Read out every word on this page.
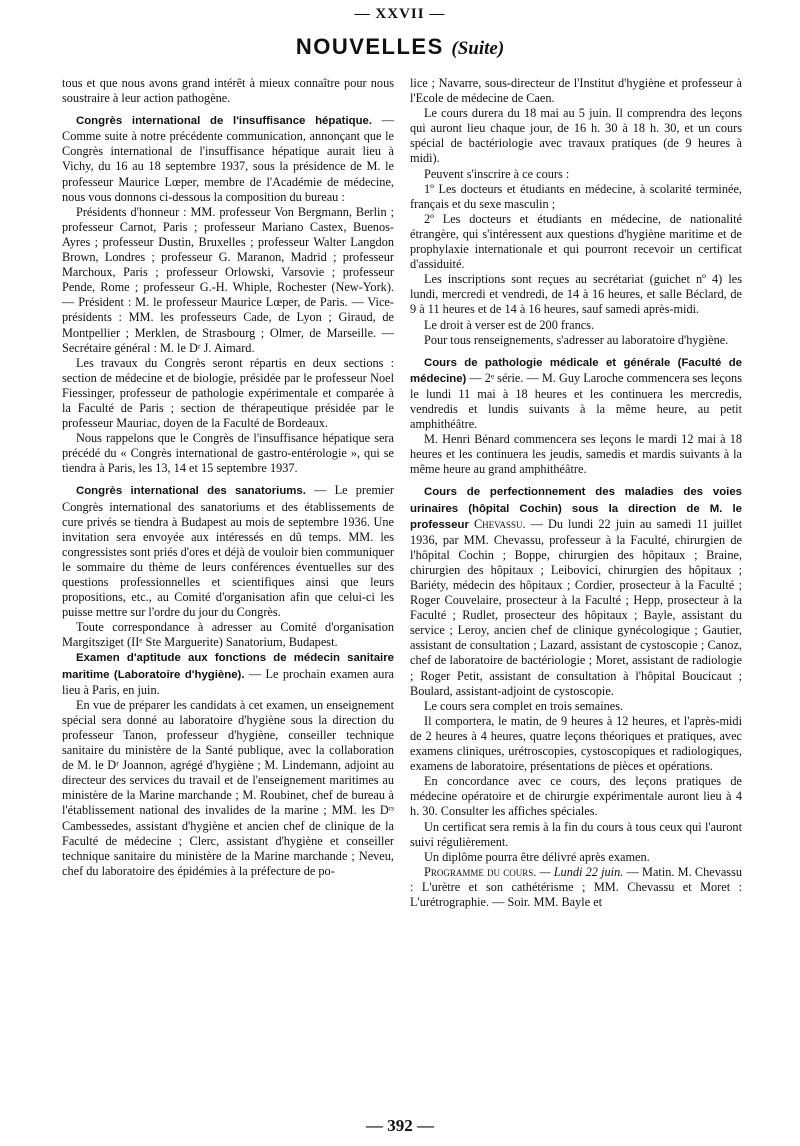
— XXVII —
NOUVELLES (Suite)

tous et que nous avons grand intérêt à mieux connaître pour nous soustraire à leur action pathogène.

Congrès international de l'insuffisance hépatique. — Comme suite à notre précédente communication, annonçant que le Congrès international de l'insuffisance hépatique aurait lieu à Vichy, du 16 au 18 septembre 1937, sous la présidence de M. le professeur Maurice Lœper, membre de l'Académie de médecine, nous vous donnons ci-dessous la composition du bureau :

Présidents d'honneur : MM. professeur Von Bergmann, Berlin ; professeur Carnot, Paris ; professeur Mariano Castex, Buenos-Ayres ; professeur Dustin, Bruxelles ; professeur Walter Langdon Brown, Londres ; professeur G. Maranon, Madrid ; professeur Marchoux, Paris ; professeur Orlowski, Varsovie ; professeur Pende, Rome ; professeur G.-H. Whiple, Rochester (New-York). — Président : M. le professeur Maurice Lœper, de Paris. — Vice-présidents : MM. les professeurs Cade, de Lyon ; Giraud, de Montpellier ; Merklen, de Strasbourg ; Olmer, de Marseille. — Secrétaire général : M. le Dʳ J. Aimard.

Les travaux du Congrès seront répartis en deux sections : section de médecine et de biologie, présidée par le professeur Noel Fiessinger, professeur de pathologie expérimentale et comparée à la Faculté de Paris ; section de thérapeutique présidée par le professeur Mauriac, doyen de la Faculté de Bordeaux.

Nous rappelons que le Congrès de l'insuffisance hépatique sera précédé du « Congrès international de gastro-entérologie », qui se tiendra à Paris, les 13, 14 et 15 septembre 1937.

Congrès international des sanatoriums. — Le premier Congrès international des sanatoriums et des établissements de cure privés se tiendra à Budapest au mois de septembre 1936. Une invitation sera envoyée aux intéressés en dû temps. MM. les congressistes sont priés d'ores et déjà de vouloir bien communiquer le sommaire du thème de leurs conférences éventuelles sur des questions professionnelles et scientifiques ainsi que leurs propositions, etc., au Comité d'organisation afin que celui-ci les puisse mettre sur l'ordre du jour du Congrès.

Toute correspondance à adresser au Comité d'organisation Margitsziget (IIᵉ Ste Marguerite) Sanatorium, Budapest.

Examen d'aptitude aux fonctions de médecin sanitaire maritime (Laboratoire d'hygiène). — Le prochain examen aura lieu à Paris, en juin.

En vue de préparer les candidats à cet examen, un enseignement spécial sera donné au laboratoire d'hygiène sous la direction du professeur Tanon, professeur d'hygiène, conseiller technique sanitaire du ministère de la Santé publique, avec la collaboration de M. le Dʳ Joannon, agrégé d'hygiène ; M. Lindemann, adjoint au directeur des services du travail et de l'enseignement maritimes au ministère de la Marine marchande ; M. Roubinet, chef de bureau à l'établissement national des invalides de la marine ; MM. les Dʳˢ Cambessedes, assistant d'hygiène et ancien chef de clinique de la Faculté de médecine ; Clerc, assistant d'hygiène et conseiller technique sanitaire du ministère de la Marine marchande ; Neveu, chef du laboratoire des épidémies à la préfecture de po-

lice ; Navarre, sous-directeur de l'Institut d'hygiène et professeur à l'Ecole de médecine de Caen.

Le cours durera du 18 mai au 5 juin. Il comprendra des leçons qui auront lieu chaque jour, de 16 h. 30 à 18 h. 30, et un cours spécial de bactériologie avec travaux pratiques (de 9 heures à midi).

Peuvent s'inscrire à ce cours :

1º Les docteurs et étudiants en médecine, à scolarité terminée, français et du sexe masculin ;

2º Les docteurs et étudiants en médecine, de nationalité étrangère, qui s'intéressent aux questions d'hygiène maritime et de prophylaxie internationale et qui pourront recevoir un certificat d'assiduité.

Les inscriptions sont reçues au secrétariat (guichet nº 4) les lundi, mercredi et vendredi, de 14 à 16 heures, et salle Béclard, de 9 à 11 heures et de 14 à 16 heures, sauf samedi après-midi.

Le droit à verser est de 200 francs.

Pour tous renseignements, s'adresser au laboratoire d'hygiène.

Cours de pathologie médicale et générale (Faculté de médecine) — 2ᵉ série. — M. Guy Laroche commencera ses leçons le lundi 11 mai à 18 heures et les continuera les mercredis, vendredis et lundis suivants à la même heure, au petit amphithéâtre.

M. Henri Bénard commencera ses leçons le mardi 12 mai à 18 heures et les continuera les jeudis, samedis et mardis suivants à la même heure au grand amphithéâtre.

Cours de perfectionnement des maladies des voies urinaires (hôpital Cochin) sous la direction de M. le professeur Chevassu. — Du lundi 22 juin au samedi 11 juillet 1936, par MM. Chevassu, professeur à la Faculté, chirurgien de l'hôpital Cochin ; Boppe, chirurgien des hôpitaux ; Braine, chirurgien des hôpitaux ; Leibovici, chirurgien des hôpitaux ; Bariéty, médecin des hôpitaux ; Cordier, prosecteur à la Faculté ; Roger Couvelaire, prosecteur à la Faculté ; Hepp, prosecteur à la Faculté ; Rudlet, prosecteur des hôpitaux ; Bayle, assistant du service ; Leroy, ancien chef de clinique gynécologique ; Gautier, assistant de consultation ; Lazard, assistant de cystoscopie ; Canoz, chef de laboratoire de bactériologie ; Moret, assistant de radiologie ; Roger Petit, assistant de consultation à l'hôpital Boucicaut ; Boulard, assistant-adjoint de cystoscopie.

Le cours sera complet en trois semaines.

Il comportera, le matin, de 9 heures à 12 heures, et l'après-midi de 2 heures à 4 heures, quatre leçons théoriques et pratiques, avec examens cliniques, urétroscopies, cystoscopiques et radiologiques, examens de laboratoire, présentations de pièces et opérations.

En concordance avec ce cours, des leçons pratiques de médecine opératoire et de chirurgie expérimentale auront lieu à 4 h. 30. Consulter les affiches spéciales.

Un certificat sera remis à la fin du cours à tous ceux qui l'auront suivi régulièrement.

Un diplôme pourra être délivré après examen.

Programme du cours. — Lundi 22 juin. — Matin. M. Chevassu : L'urètre et son cathétérisme ; MM. Chevassu et Moret : L'urétrographie. — Soir. MM. Bayle et

— 392 —
